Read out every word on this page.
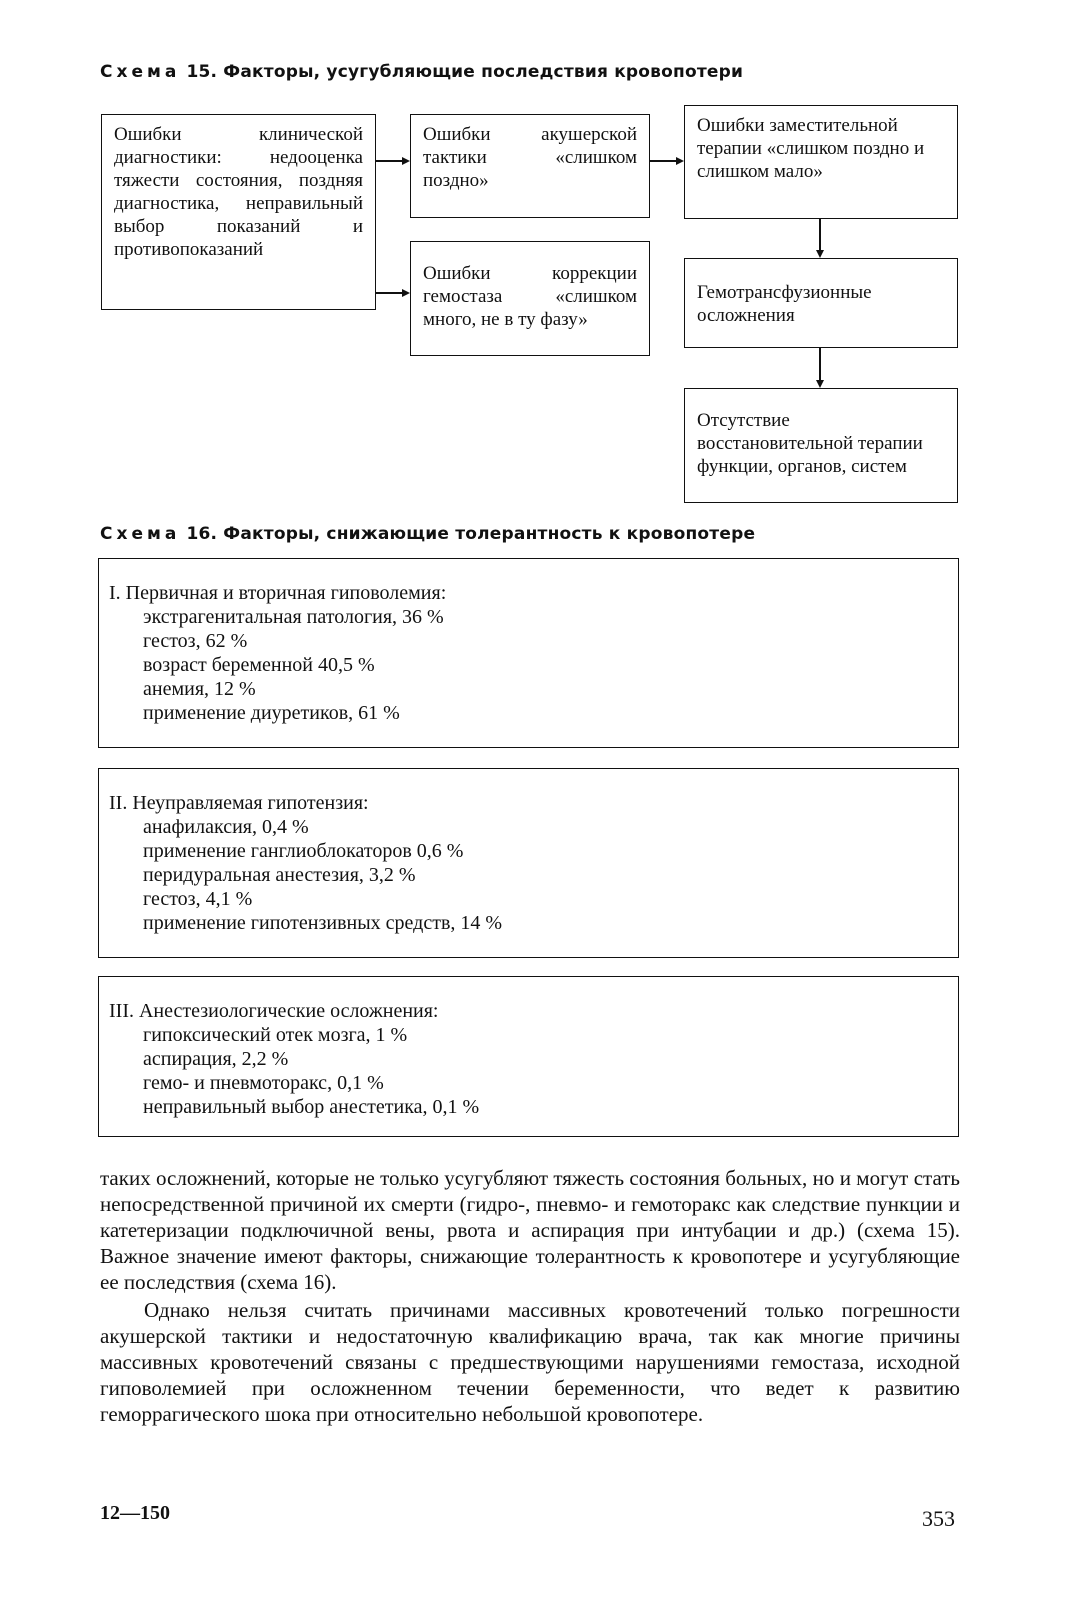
Схема 15. Факторы, усугубляющие последствия кровопотери
Ошибки клинической диагностики: недооценка тяжести состояния, поздняя диагностика, неправильный выбор показаний и противопоказаний
Ошибки акушерской тактики «слишком поздно»
Ошибки коррекции гемостаза «слишком много, не в ту фазу»
Ошибки заместительной терапии «слишком поздно и слишком мало»
Гемотрансфузионные осложнения
Отсутствие восстановительной терапии функции, органов, систем
Схема 16. Факторы, снижающие толерантность к кровопотере
I. Первичная и вторичная гиповолемия:
экстрагенитальная патология, 36 %
гестоз, 62 %
возраст беременной 40,5 %
анемия, 12 %
применение диуретиков, 61 %
II. Неуправляемая гипотензия:
анафилаксия, 0,4 %
применение ганглиоблокаторов 0,6 %
перидуральная анестезия, 3,2 %
гестоз, 4,1 %
применение гипотензивных средств, 14 %
III. Анестезиологические осложнения:
гипоксический отек мозга, 1 %
аспирация, 2,2 %
гемо- и пневмоторакс, 0,1 %
неправильный выбор анестетика, 0,1 %

таких осложнений, которые не только усугубляют тяжесть состояния больных, но и могут стать непосредственной причиной их смерти (гидро-, пневмо- и гемоторакс как следствие пункции и катетеризации подключичной вены, рвота и аспирация при интубации и др.) (схема 15). Важное значение имеют факторы, снижающие толерантность к кровопотере и усугубляющие ее последствия (схема 16).

Однако нельзя считать причинами массивных кровотечений только погрешности акушерской тактики и недостаточную квалификацию врача, так как многие причины массивных кровотечений связаны с предшествующими нарушениями гемостаза, исходной гиповолемией при осложненном течении беременности, что ведет к развитию геморрагического шока при относительно небольшой кровопотере.

12—150	353
